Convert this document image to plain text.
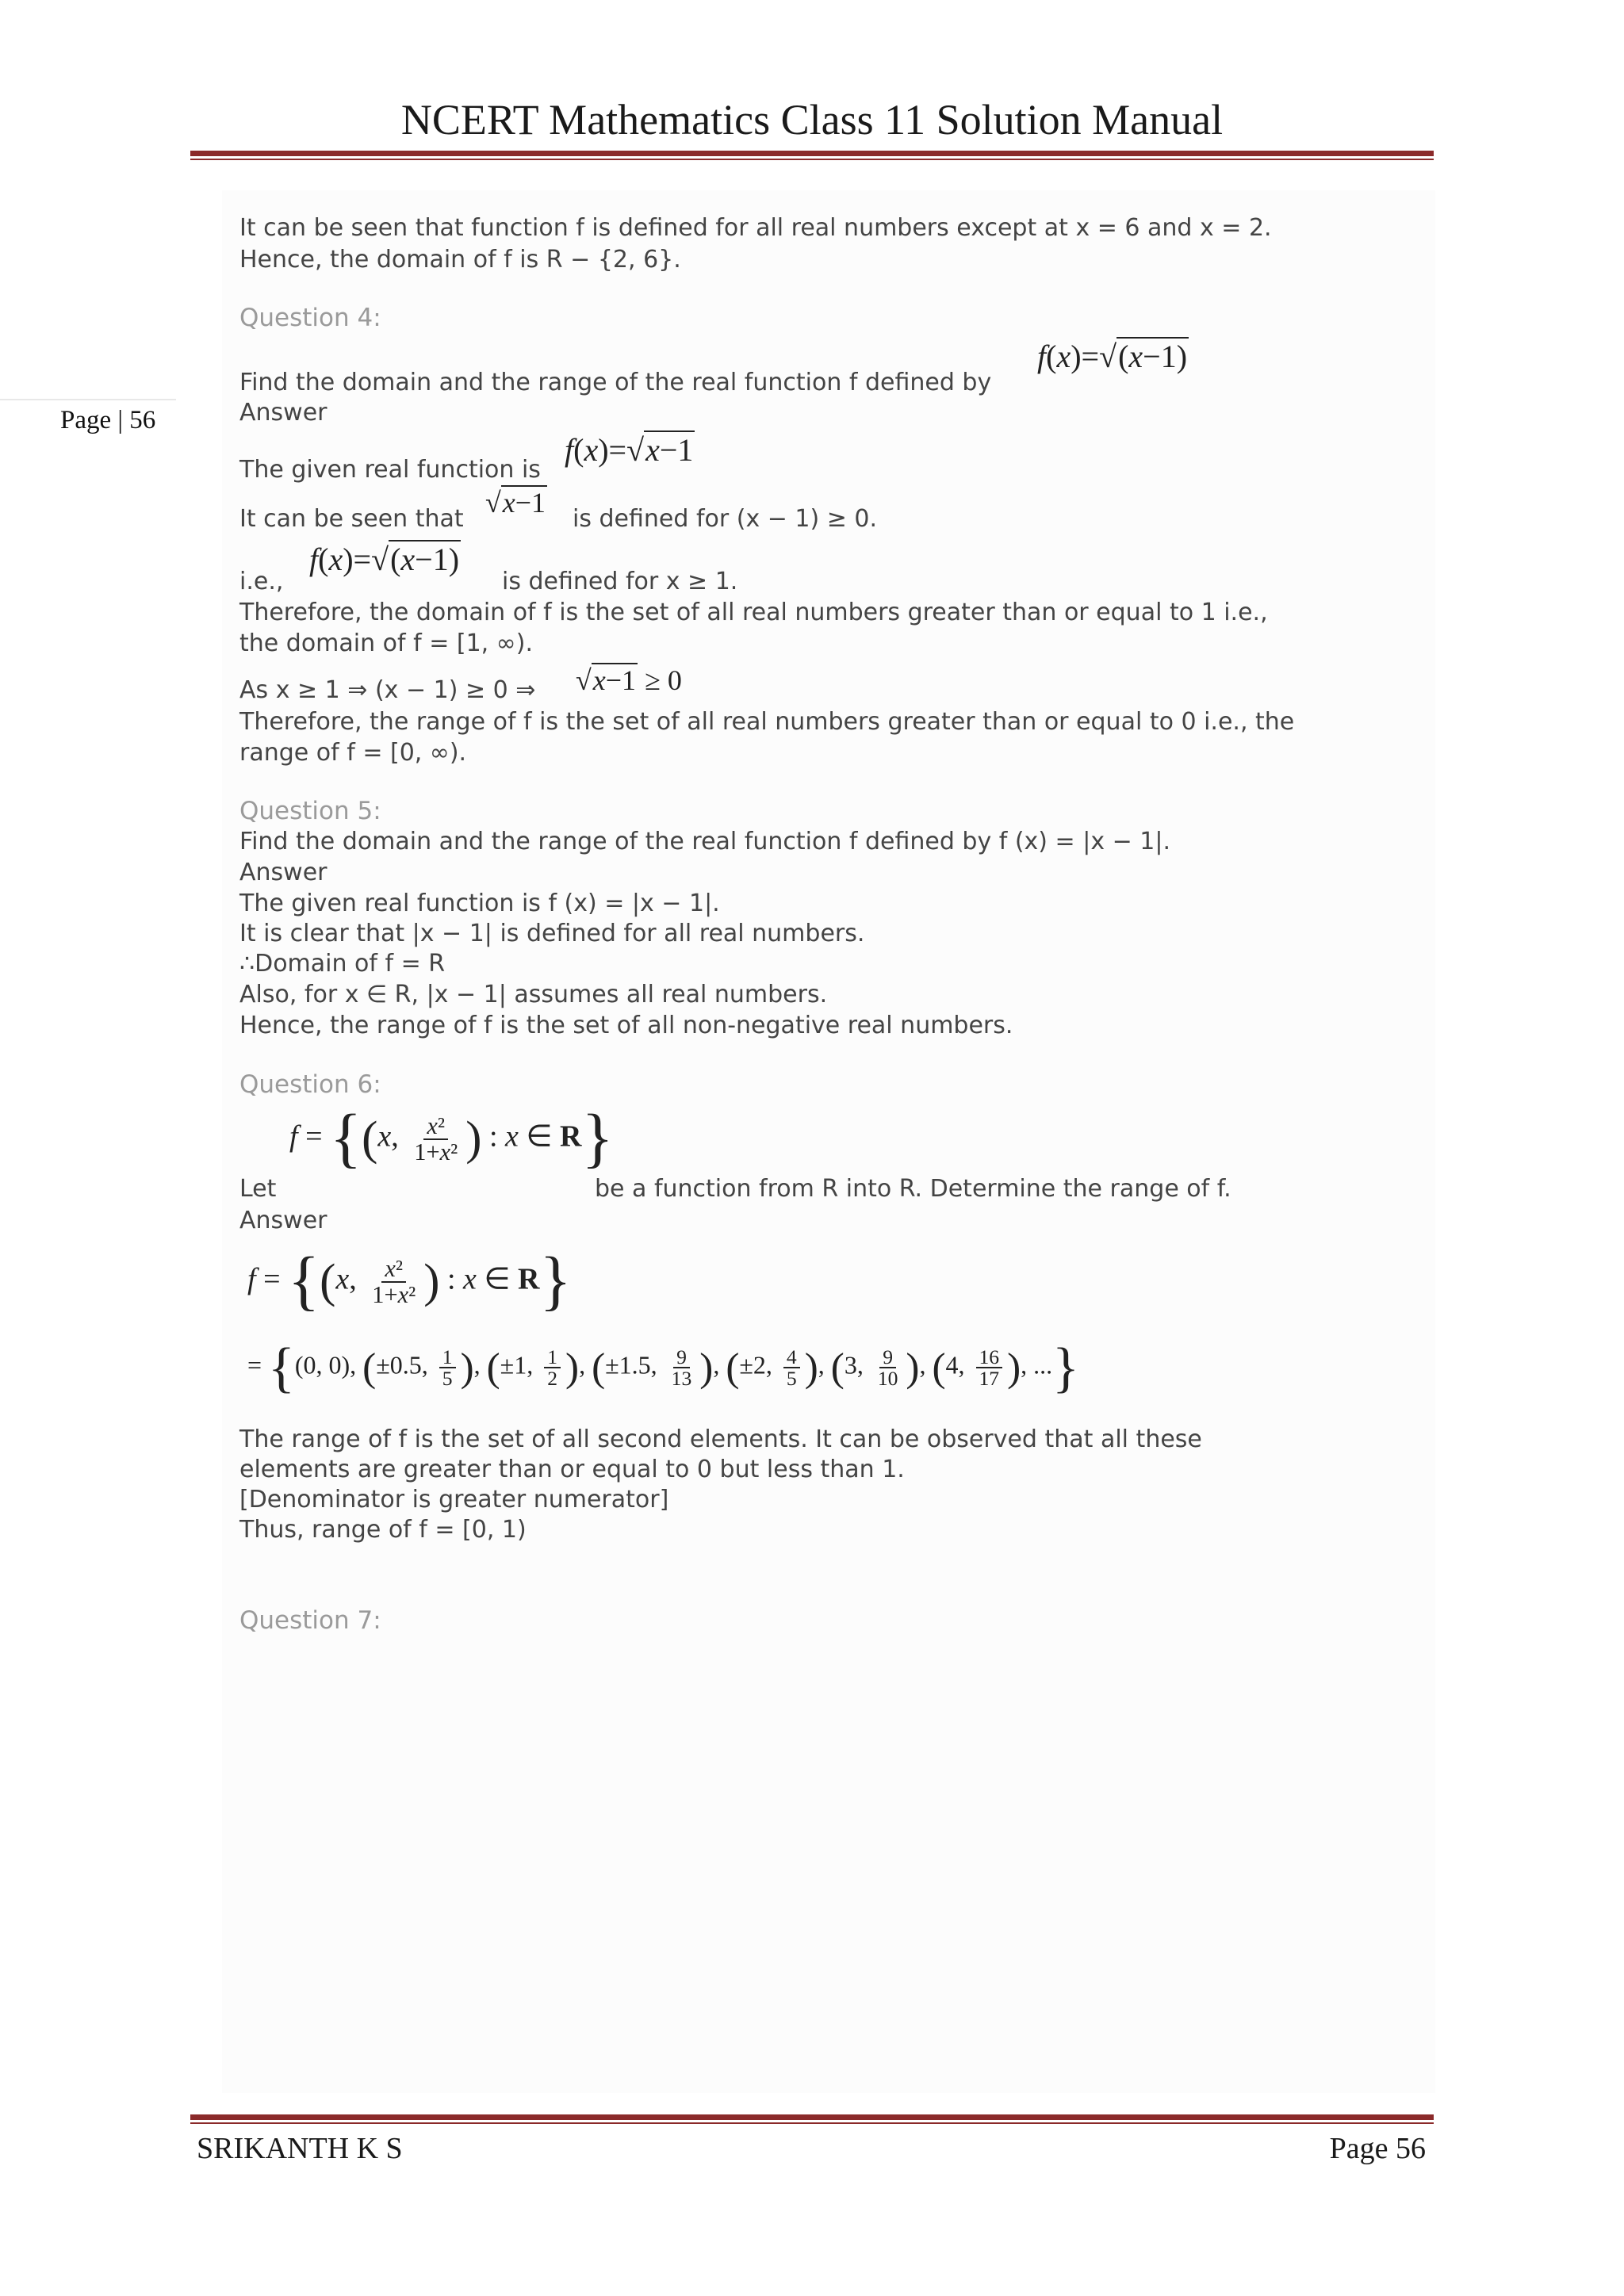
NCERT Mathematics Class 11 Solution Manual
Page | 56
It can be seen that function f is defined for all real numbers except at x = 6 and x = 2.
Hence, the domain of f is R − {2, 6}.
Question 4:
Find the domain and the range of the real function f defined by
f(x)=√(x−1)
Answer
The given real function is
f(x)=√x−1
It can be seen that
√x−1
is defined for (x − 1) ≥ 0.
i.e.,
f(x)=√(x−1)
is defined for x ≥ 1.
Therefore, the domain of f is the set of all real numbers greater than or equal to 1 i.e.,
the domain of f = [1, ∞).
As x ≥ 1 ⇒ (x − 1) ≥ 0 ⇒ √x−1 ≥ 0
Therefore, the range of f is the set of all real numbers greater than or equal to 0 i.e., the
range of f = [0, ∞).
Question 5:
Find the domain and the range of the real function f defined by f (x) = |x − 1|.
Answer
The given real function is f (x) = |x − 1|.
It is clear that |x − 1| is defined for all real numbers.
∴Domain of f = R
Also, for x ∈ R, |x − 1| assumes all real numbers.
Hence, the range of f is the set of all non-negative real numbers.
Question 6:
f = {(x, $\frac{\text{x²}}{\text{1+x²}}$ ) : x ∈ R}
Let	be a function from R into R. Determine the range of f.
Answer
f = {(x, $\frac{\text{x²}}{\text{1+x²}}$ ) : x ∈ R}
= {(0, 0), (±0.5, $\frac{1}{5}$ ), (±1, $\frac{1}{2}$ ), (±1.5, $\frac{9}{13}$ ), (±2, $\frac{4}{5}$ ), (3, $\frac{9}{10}$ ), (4, $\frac{16}{17}$ ), ...}
The range of f is the set of all second elements. It can be observed that all these
elements are greater than or equal to 0 but less than 1.
[Denominator is greater numerator]
Thus, range of f = [0, 1)
Question 7:
SRIKANTH K S	Page 56
